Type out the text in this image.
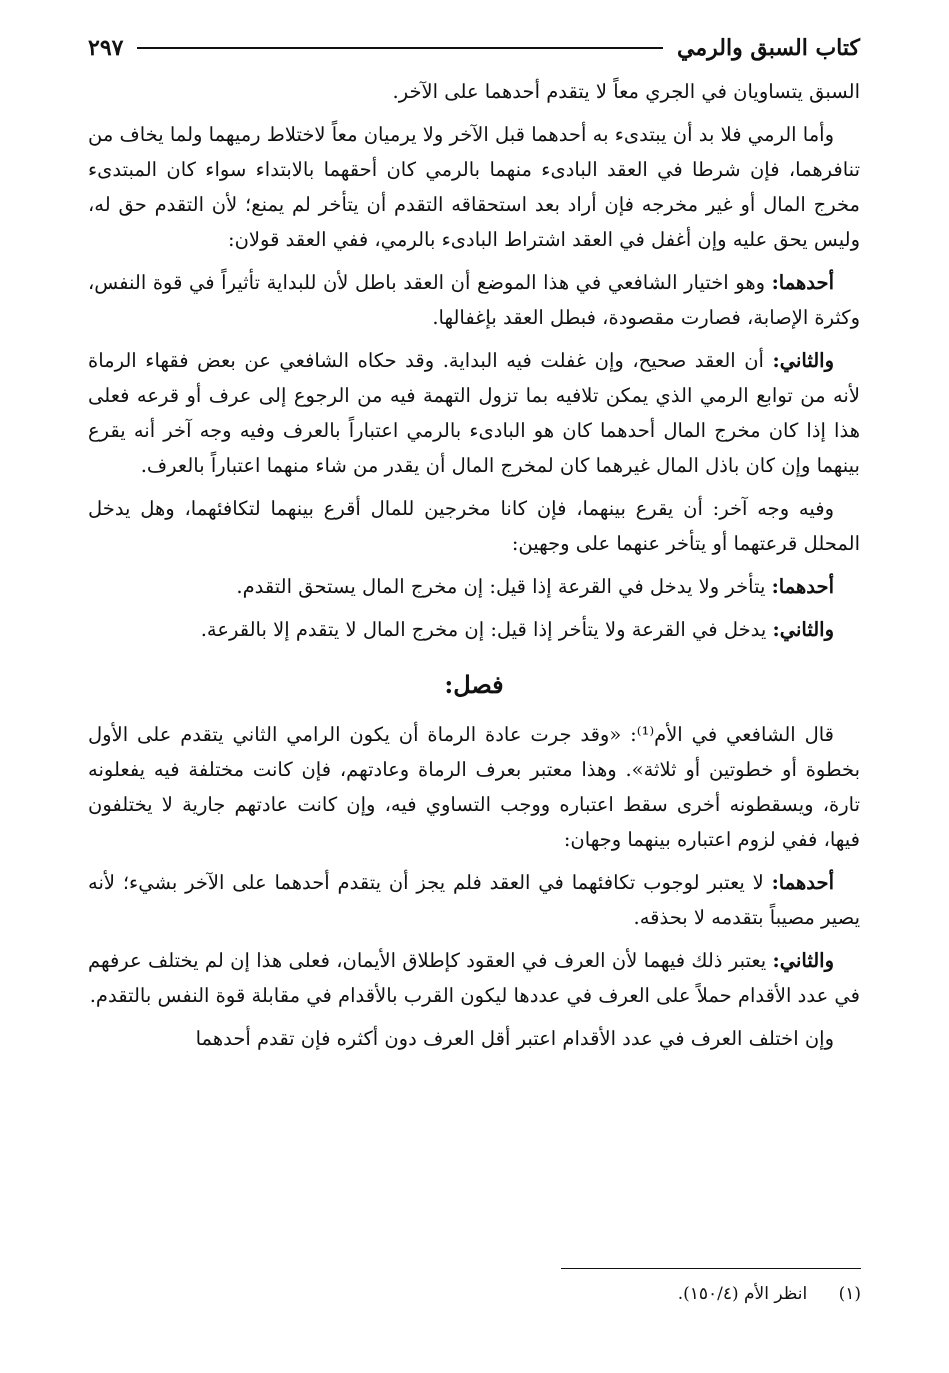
كتاب السبق والرمي
٢٩٧

السبق يتساويان في الجري معاً لا يتقدم أحدهما على الآخر.

وأما الرمي فلا بد أن يبتدىء به أحدهما قبل الآخر ولا يرميان معاً لاختلاط رميهما ولما يخاف من تنافرهما، فإن شرطا في العقد البادىء منهما بالرمي كان أحقهما بالابتداء سواء كان المبتدىء مخرج المال أو غير مخرجه فإن أراد بعد استحقاقه التقدم أن يتأخر لم يمنع؛ لأن التقدم حق له، وليس يحق عليه وإن أغفل في العقد اشتراط البادىء بالرمي، ففي العقد قولان:

أحدهما: وهو اختيار الشافعي في هذا الموضع أن العقد باطل لأن للبداية تأثيراً في قوة النفس، وكثرة الإصابة، فصارت مقصودة، فبطل العقد بإغفالها.

والثاني: أن العقد صحيح، وإن غفلت فيه البداية. وقد حكاه الشافعي عن بعض فقهاء الرماة لأنه من توابع الرمي الذي يمكن تلافيه بما تزول التهمة فيه من الرجوع إلى عرف أو قرعه فعلى هذا إذا كان مخرج المال أحدهما كان هو البادىء بالرمي اعتباراً بالعرف وفيه وجه آخر أنه يقرع بينهما وإن كان باذل المال غيرهما كان لمخرج المال أن يقدر من شاء منهما اعتباراً بالعرف.

وفيه وجه آخر: أن يقرع بينهما، فإن كانا مخرجين للمال أقرع بينهما لتكافئهما، وهل يدخل المحلل قرعتهما أو يتأخر عنهما على وجهين:

أحدهما: يتأخر ولا يدخل في القرعة إذا قيل: إن مخرج المال يستحق التقدم.

والثاني: يدخل في القرعة ولا يتأخر إذا قيل: إن مخرج المال لا يتقدم إلا بالقرعة.

فصل:

قال الشافعي في الأم⁽¹⁾: «وقد جرت عادة الرماة أن يكون الرامي الثاني يتقدم على الأول بخطوة أو خطوتين أو ثلاثة». وهذا معتبر بعرف الرماة وعادتهم، فإن كانت مختلفة فيه يفعلونه تارة، ويسقطونه أخرى سقط اعتباره ووجب التساوي فيه، وإن كانت عادتهم جارية لا يختلفون فيها، ففي لزوم اعتباره بينهما وجهان:

أحدهما: لا يعتبر لوجوب تكافئهما في العقد فلم يجز أن يتقدم أحدهما على الآخر بشيء؛ لأنه يصير مصيباً بتقدمه لا بحذقه.

والثاني: يعتبر ذلك فيهما لأن العرف في العقود كإطلاق الأيمان، فعلى هذا إن لم يختلف عرفهم في عدد الأقدام حملاً على العرف في عددها ليكون القرب بالأقدام في مقابلة قوة النفس بالتقدم.

وإن اختلف العرف في عدد الأقدام اعتبر أقل العرف دون أكثره فإن تقدم أحدهما

(١) انظر الأم (١٥٠/٤).
